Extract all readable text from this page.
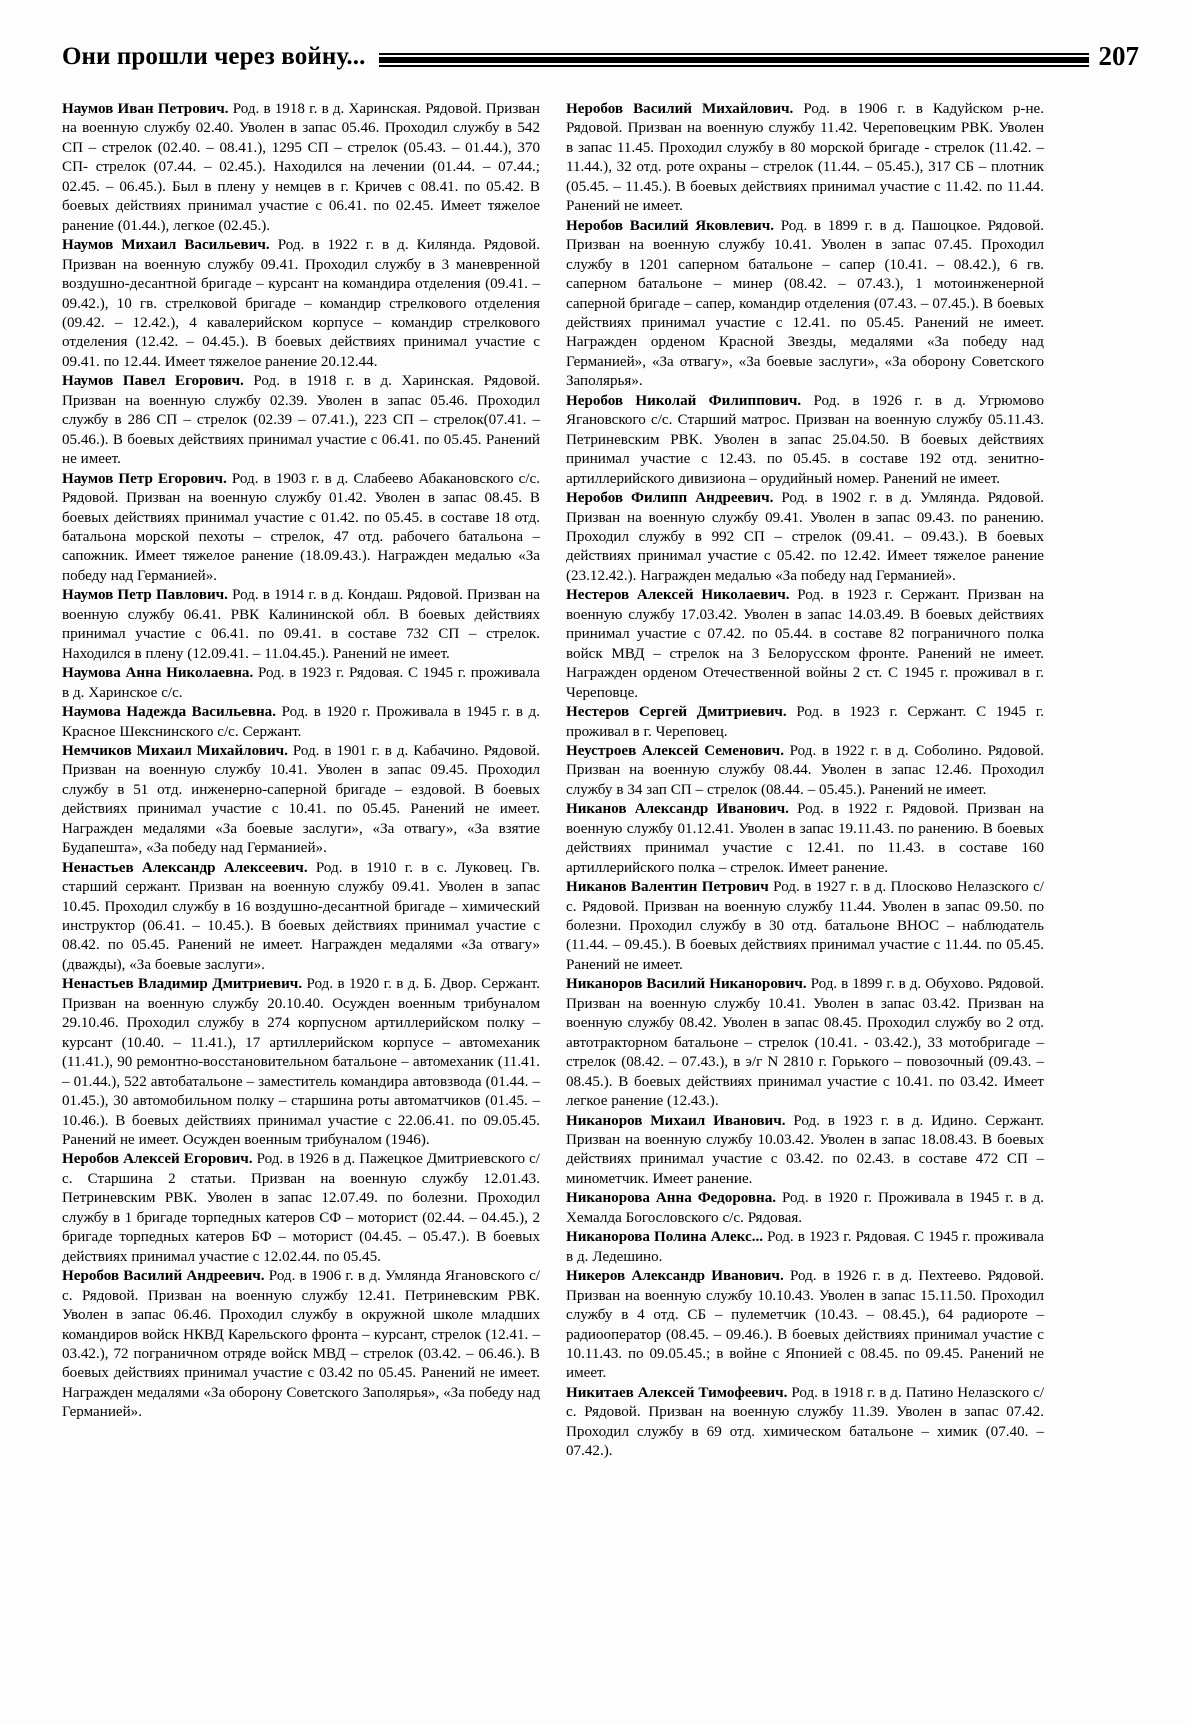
Они прошли через войну...	207

Наумов Иван Петрович. Род. в 1918 г. в д. Харинская. Рядовой. Призван на военную службу 02.40. Уволен в запас 05.46. Проходил службу в 542 СП – стрелок (02.40. – 08.41.), 1295 СП – стрелок (05.43. – 01.44.), 370 СП- стрелок (07.44. – 02.45.). Находился на лечении (01.44. – 07.44.; 02.45. – 06.45.). Был в плену у немцев в г. Кричев с 08.41. по 05.42. В боевых действиях принимал участие с 06.41. по 02.45. Имеет тяжелое ранение (01.44.), легкое (02.45.).

Наумов Михаил Васильевич. Род. в 1922 г. в д. Килянда. Рядовой. Призван на военную службу 09.41. Проходил службу в 3 маневренной воздушно-десантной бригаде – курсант на командира отделения (09.41. – 09.42.), 10 гв. стрелковой бригаде – командир стрелкового отделения (09.42. – 12.42.), 4 кавалерийском корпусе – командир стрелкового отделения (12.42. – 04.45.). В боевых действиях принимал участие с 09.41. по 12.44. Имеет тяжелое ранение 20.12.44.

Наумов Павел Егорович. Род. в 1918 г. в д. Харинская. Рядовой. Призван на военную службу 02.39. Уволен в запас 05.46. Проходил службу в 286 СП – стрелок (02.39 – 07.41.), 223 СП – стрелок(07.41. – 05.46.). В боевых действиях принимал участие с 06.41. по 05.45. Ранений не имеет.

Наумов Петр Егорович. Род. в 1903 г. в д. Слабеево Абакановского с/с. Рядовой. Призван на военную службу 01.42. Уволен в запас 08.45. В боевых действиях принимал участие с 01.42. по 05.45. в составе 18 отд. батальона морской пехоты – стрелок, 47 отд. рабочего батальона – сапожник. Имеет тяжелое ранение (18.09.43.). Награжден медалью «За победу над Германией».

Наумов Петр Павлович. Род. в 1914 г. в д. Кондаш. Рядовой. Призван на военную службу 06.41. РВК Калининской обл. В боевых действиях принимал участие с 06.41. по 09.41. в составе 732 СП – стрелок. Находился в плену (12.09.41. – 11.04.45.). Ранений не имеет.

Наумова Анна Николаевна. Род. в 1923 г. Рядовая. С 1945 г. проживала в д. Харинское с/с.

Наумова Надежда Васильевна. Род. в 1920 г. Проживала в 1945 г. в д. Красное Шекснинского с/с. Сержант.

Немчиков Михаил Михайлович. Род. в 1901 г. в д. Кабачино. Рядовой. Призван на военную службу 10.41. Уволен в запас 09.45. Проходил службу в 51 отд. инженерно-саперной бригаде – ездовой. В боевых действиях принимал участие с 10.41. по 05.45. Ранений не имеет. Награжден медалями «За боевые заслуги», «За отвагу», «За взятие Будапешта», «За победу над Германией».

Ненастьев Александр Алексеевич. Род. в 1910 г. в с. Луковец. Гв. старший сержант. Призван на военную службу 09.41. Уволен в запас 10.45. Проходил службу в 16 воздушно-десантной бригаде – химический инструктор (06.41. – 10.45.). В боевых действиях принимал участие с 08.42. по 05.45. Ранений не имеет. Награжден медалями «За отвагу» (дважды), «За боевые заслуги».

Ненастьев Владимир Дмитриевич. Род. в 1920 г. в д. Б. Двор. Сержант. Призван на военную службу 20.10.40. Осужден военным трибуналом 29.10.46. Проходил службу в 274 корпусном артиллерийском полку – курсант (10.40. – 11.41.), 17 артиллерийском корпусе – автомеханик (11.41.), 90 ремонтно-восстановительном батальоне – автомеханик (11.41. – 01.44.), 522 автобатальоне – заместитель командира автовзвода (01.44. – 01.45.), 30 автомобильном полку – старшина роты автоматчиков (01.45. – 10.46.). В боевых действиях принимал участие с 22.06.41. по 09.05.45. Ранений не имеет. Осужден военным трибуналом (1946).

Неробов Алексей Егорович. Род. в 1926 в д. Пажецкое Дмитриевского с/с. Старшина 2 статьи. Призван на военную службу 12.01.43. Петриневским РВК. Уволен в запас 12.07.49. по болезни. Проходил службу в 1 бригаде торпедных катеров СФ – моторист (02.44. – 04.45.), 2 бригаде торпедных катеров БФ – моторист (04.45. – 05.47.). В боевых действиях принимал участие с 12.02.44. по 05.45.

Неробов Василий Андреевич. Род. в 1906 г. в д. Умлянда Ягановского с/с. Рядовой. Призван на военную службу 12.41. Петриневским РВК. Уволен в запас 06.46. Проходил службу в окружной школе младших командиров войск НКВД Карельского фронта – курсант, стрелок (12.41. – 03.42.), 72 пограничном отряде войск МВД – стрелок (03.42. – 06.46.). В боевых действиях принимал участие с 03.42 по 05.45. Ранений не имеет. Награжден медалями «За оборону Советского Заполярья», «За победу над Германией».

Неробов Василий Михайлович. Род. в 1906 г. в Кадуйском р-не. Рядовой. Призван на военную службу 11.42. Череповецким РВК. Уволен в запас 11.45. Проходил службу в 80 морской бригаде - стрелок (11.42. – 11.44.), 32 отд. роте охраны – стрелок (11.44. – 05.45.), 317 СБ – плотник (05.45. – 11.45.). В боевых действиях принимал участие с 11.42. по 11.44. Ранений не имеет.

Неробов Василий Яковлевич. Род. в 1899 г. в д. Пашоцкое. Рядовой. Призван на военную службу 10.41. Уволен в запас 07.45. Проходил службу в 1201 саперном батальоне – сапер (10.41. – 08.42.), 6 гв. саперном батальоне – минер (08.42. – 07.43.), 1 мотоинженерной саперной бригаде – сапер, командир отделения (07.43. – 07.45.). В боевых действиях принимал участие с 12.41. по 05.45. Ранений не имеет. Награжден орденом Красной Звезды, медалями «За победу над Германией», «За отвагу», «За боевые заслуги», «За оборону Советского Заполярья».

Неробов Николай Филиппович. Род. в 1926 г. в д. Угрюмово Ягановского с/с. Старший матрос. Призван на военную службу 05.11.43. Петриневским РВК. Уволен в запас 25.04.50. В боевых действиях принимал участие с 12.43. по 05.45. в составе 192 отд. зенитно-артиллерийского дивизиона – орудийный номер. Ранений не имеет.

Неробов Филипп Андреевич. Род. в 1902 г. в д. Умлянда. Рядовой. Призван на военную службу 09.41. Уволен в запас 09.43. по ранению. Проходил службу в 992 СП – стрелок (09.41. – 09.43.). В боевых действиях принимал участие с 05.42. по 12.42. Имеет тяжелое ранение (23.12.42.). Награжден медалью «За победу над Германией».

Нестеров Алексей Николаевич. Род. в 1923 г. Сержант. Призван на военную службу 17.03.42. Уволен в запас 14.03.49. В боевых действиях принимал участие с 07.42. по 05.44. в составе 82 пограничного полка войск МВД – стрелок на 3 Белорусском фронте. Ранений не имеет. Награжден орденом Отечественной войны 2 ст. С 1945 г. проживал в г. Череповце.

Нестеров Сергей Дмитриевич. Род. в 1923 г. Сержант. С 1945 г. проживал в г. Череповец.

Неустроев Алексей Семенович. Род. в 1922 г. в д. Соболино. Рядовой. Призван на военную службу 08.44. Уволен в запас 12.46. Проходил службу в 34 зап СП – стрелок (08.44. – 05.45.). Ранений не имеет.

Никанов Александр Иванович. Род. в 1922 г. Рядовой. Призван на военную службу 01.12.41. Уволен в запас 19.11.43. по ранению. В боевых действиях принимал участие с 12.41. по 11.43. в составе 160 артиллерийского полка – стрелок. Имеет ранение.

Никанов Валентин Петрович Род. в 1927 г. в д. Плосково Нелазского с/с. Рядовой. Призван на военную службу 11.44. Уволен в запас 09.50. по болезни. Проходил службу в 30 отд. батальоне ВНОС – наблюдатель (11.44. – 09.45.). В боевых действиях принимал участие с 11.44. по 05.45. Ранений не имеет.

Никаноров Василий Никанорович. Род. в 1899 г. в д. Обухово. Рядовой. Призван на военную службу 10.41. Уволен в запас 03.42. Призван на военную службу 08.42. Уволен в запас 08.45. Проходил службу во 2 отд. автотракторном батальоне – стрелок (10.41. - 03.42.), 33 мотобригаде – стрелок (08.42. – 07.43.), в э/г N 2810 г. Горького – повозочный (09.43. – 08.45.). В боевых действиях принимал участие с 10.41. по 03.42. Имеет легкое ранение (12.43.).

Никаноров Михаил Иванович. Род. в 1923 г. в д. Идино. Сержант. Призван на военную службу 10.03.42. Уволен в запас 18.08.43. В боевых действиях принимал участие с 03.42. по 02.43. в составе 472 СП – минометчик. Имеет ранение.

Никанорова Анна Федоровна. Род. в 1920 г. Проживала в 1945 г. в д. Хемалда Богословского с/с. Рядовая.

Никанорова Полина Алекс... Род. в 1923 г. Рядовая. С 1945 г. проживала в д. Ледешино.

Никеров Александр Иванович. Род. в 1926 г. в д. Пехтеево. Рядовой. Призван на военную службу 10.10.43. Уволен в запас 15.11.50. Проходил службу в 4 отд. СБ – пулеметчик (10.43. – 08.45.), 64 радиороте – радиооператор (08.45. – 09.46.). В боевых действиях принимал участие с 10.11.43. по 09.05.45.; в войне с Японией с 08.45. по 09.45. Ранений не имеет.

Никитаев Алексей Тимофеевич. Род. в 1918 г. в д. Патино Нелазского с/с. Рядовой. Призван на военную службу 11.39. Уволен в запас 07.42. Проходил службу в 69 отд. химическом батальоне – химик (07.40. – 07.42.).
